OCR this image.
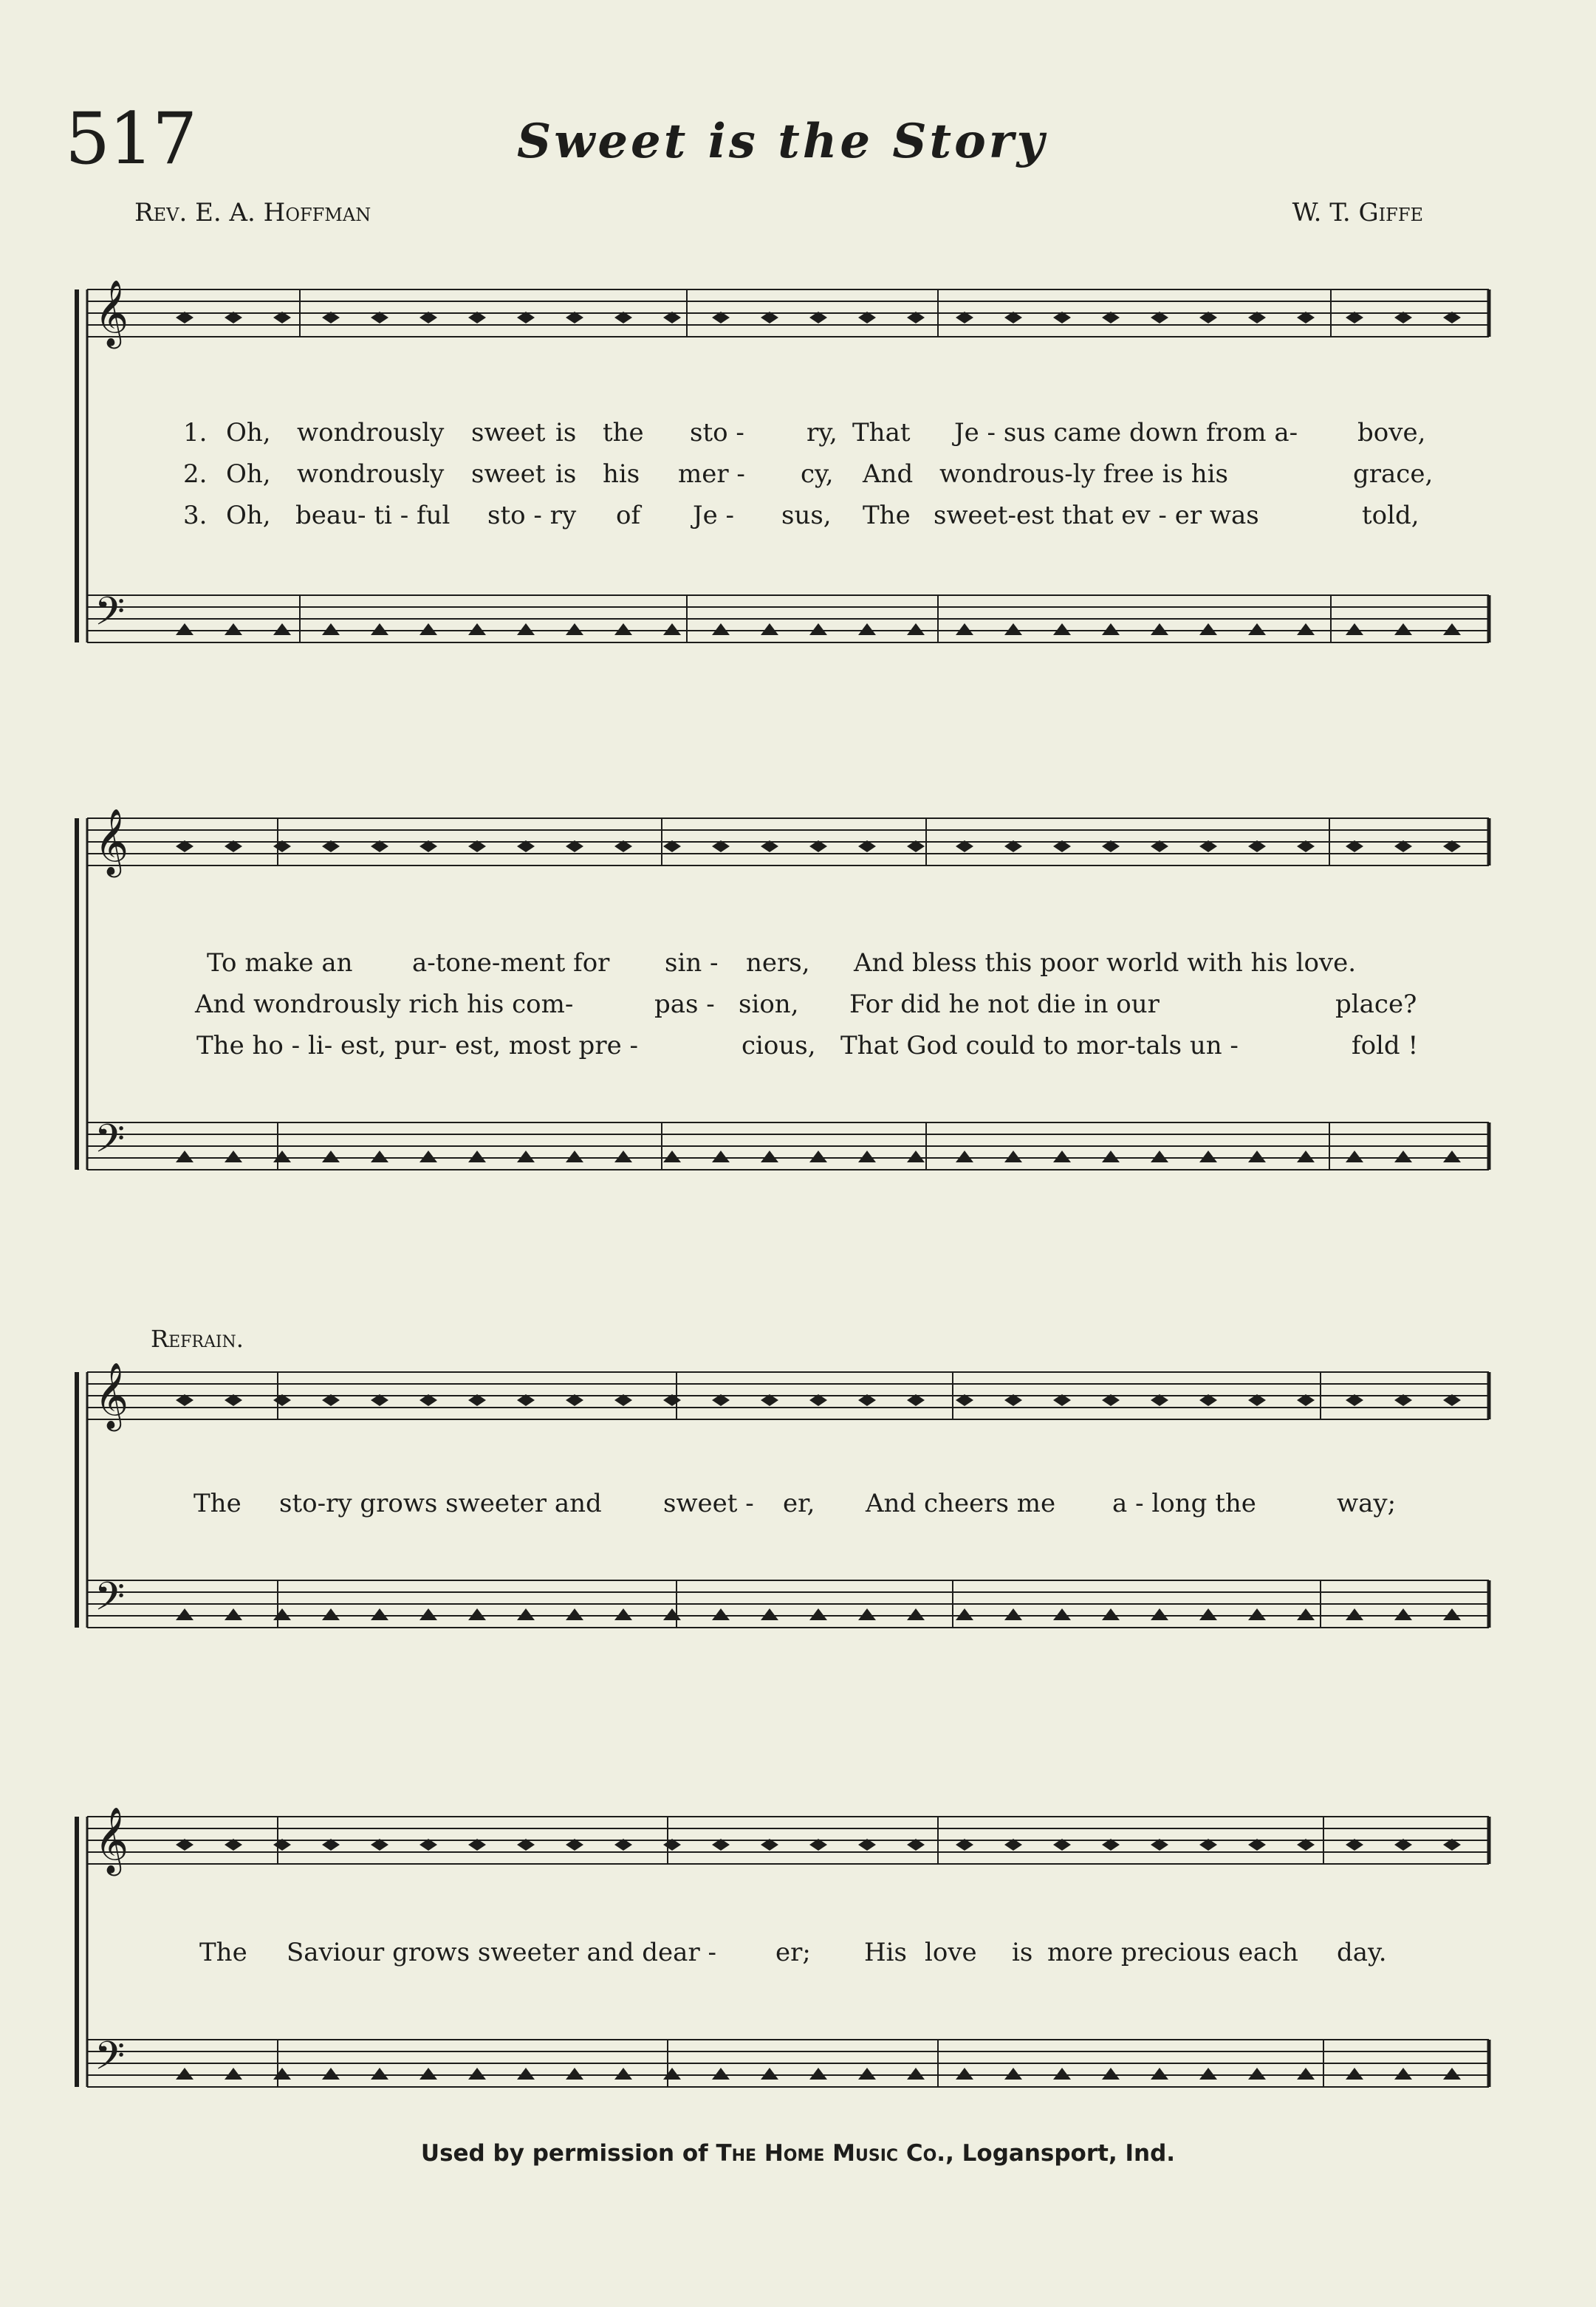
517	Sweet is the Story
Rev. E. A. Hoffman	W. T. Giffe
𝄞
𝄢
𝄞
𝄢
𝄞
𝄢
𝄞
𝄢
1. Oh, wondrously sweet is the sto - ry, That Je - sus came down from a- bove,
2. Oh, wondrously sweet is his mer - cy, And wondrous-ly free is his	grace,
3. Oh, beau- ti - ful sto - ry of Je - sus, The sweet-est that ev - er was	told,
To make an a-tone-ment for sin - ners, And bless this poor world with his love.
And wondrously rich his com-	pas - sion, For did he not die in our	place?
The ho - li- est, pur- est, most pre -	cious, That God could to mor-tals un -	fold !
Refrain.
The sto-ry grows sweeter and sweet - er, And cheers me a - long the	way;
The Saviour grows sweeter and dear - er; His love is more precious each day.
Used by permission of The Home Music Co., Logansport, Ind.
